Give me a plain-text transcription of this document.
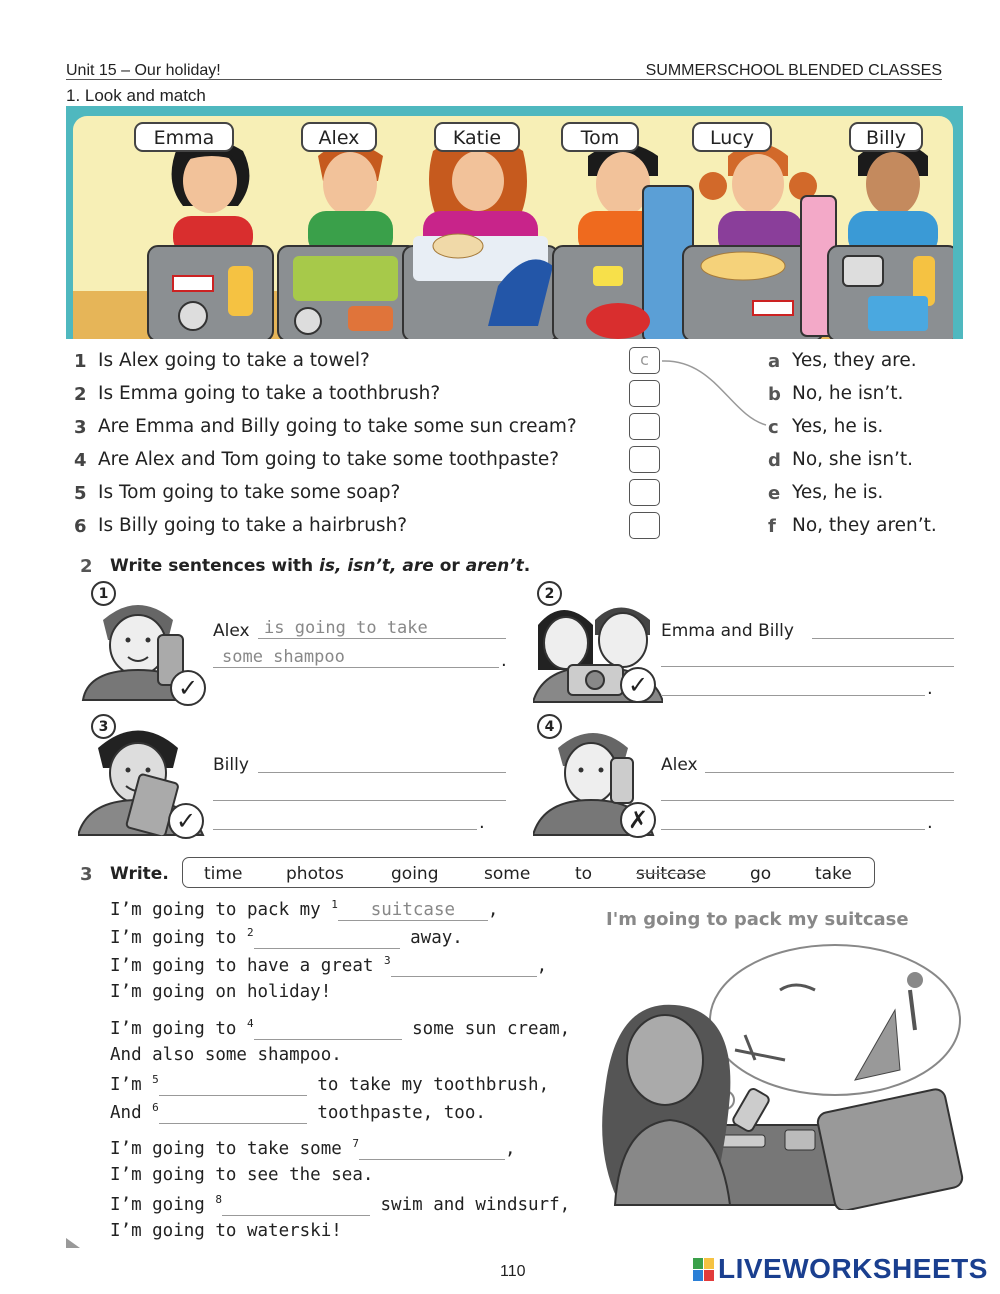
Unit 15 – Our holiday!	SUMMERSCHOOL BLENDED CLASSES
1. Look and match
Emma	Alex	Katie	Tom	Lucy	Billy
1 Is Alex going to take a towel?
2 Is Emma going to take a toothbrush?
3 Are Emma and Billy going to take some sun cream?
4 Are Alex and Tom going to take some toothpaste?
5 Is Tom going to take some soap?
6 Is Billy going to take a hairbrush?
c	a Yes, they are.
b No, he isn’t.
c Yes, he is.
d No, she isn’t.
e Yes, he is.
f No, they aren’t.
2 Write sentences with is, isn’t, are or aren’t.
1
✓
Alex is going to take
some shampoo	.
2
✓
Emma and Billy
.
3
✓
Billy
.
4
✗
Alex
.
3 Write. time	photos	going	some	to	suitcase	go	take
I’m going to pack my $^1$ suitcase ,
I’m going to $^2$	away.
I’m going to have a great $^3$	,
I’m going on holiday!
I’m going to $^4$	some sun cream,
And also some shampoo.
I’m $^5$	to take my toothbrush,
And $^6$	toothpaste, too.
I’m going to take some $^7$	,
I’m going to see the sea.
I’m going $^8$	swim and windsurf,
I’m going to waterski!
I'm going to pack my suitcase
110	LIVEWORKSHEETS
